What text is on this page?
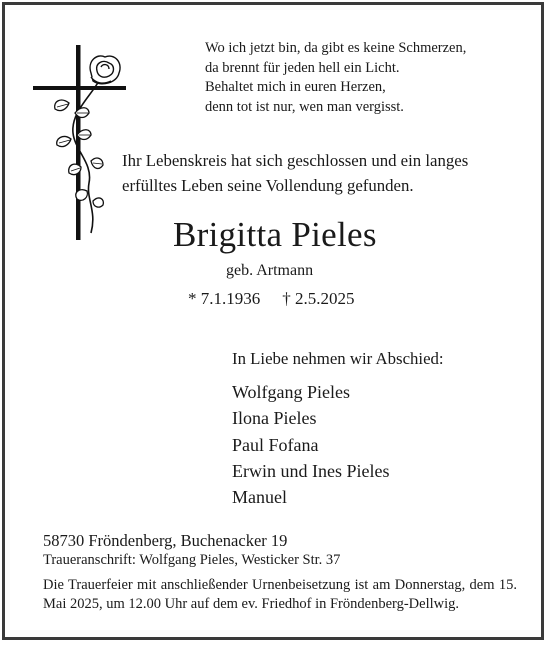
Wo ich jetzt bin, da gibt es keine Schmerzen,
da brennt für jeden hell ein Licht.
Behaltet mich in euren Herzen,
denn tot ist nur, wen man vergisst.
Ihr Lebenskreis hat sich geschlossen und ein langes
erfülltes Leben seine Vollendung gefunden.
Brigitta Pieles
geb. Artmann
* 7.1.1936 † 2.5.2025
In Liebe nehmen wir Abschied:
Wolfgang Pieles
Ilona Pieles
Paul Fofana
Erwin und Ines Pieles
Manuel
58730 Fröndenberg, Buchenacker 19
Traueranschrift: Wolfgang Pieles, Westicker Str. 37
Die Trauerfeier mit anschließender Urnenbeisetzung ist am Donnerstag, dem 15. Mai 2025, um 12.00 Uhr auf dem ev. Friedhof in Fröndenberg-Dellwig.
